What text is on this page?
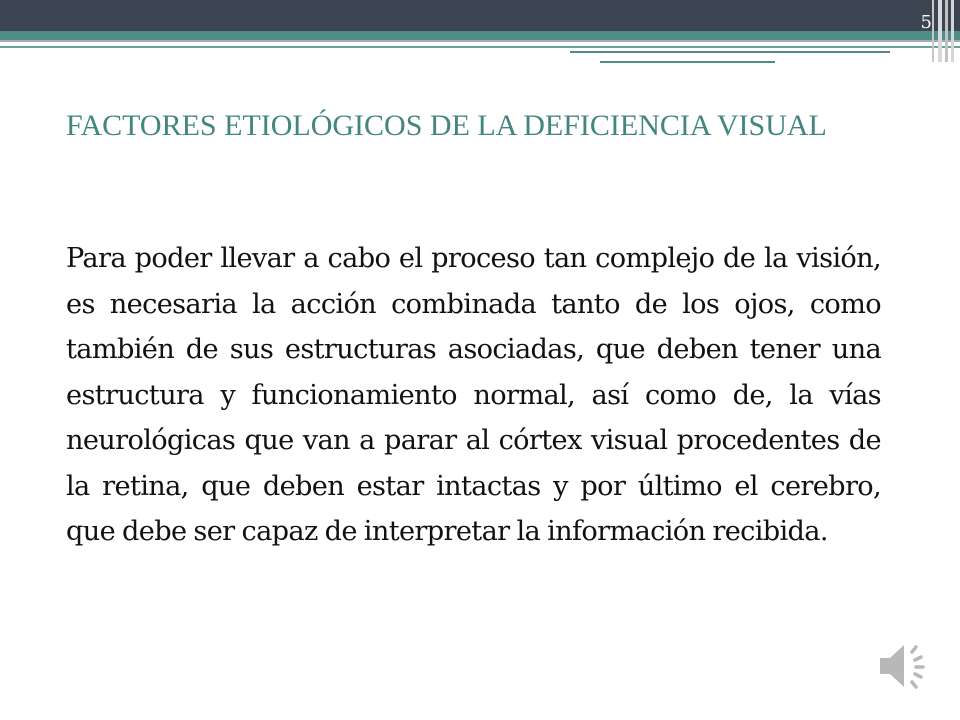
5
FACTORES ETIOLÓGICOS DE LA DEFICIENCIA VISUAL

Para poder llevar a cabo el proceso tan complejo de la visión, es necesaria la acción combinada tanto de los ojos, como también de sus estructuras asociadas, que deben tener una estructura y funcionamiento normal, así como de, la vías neurológicas que van a parar al córtex visual procedentes de la retina, que deben estar intactas y por último el cerebro, que debe ser capaz de interpretar la información recibida.
